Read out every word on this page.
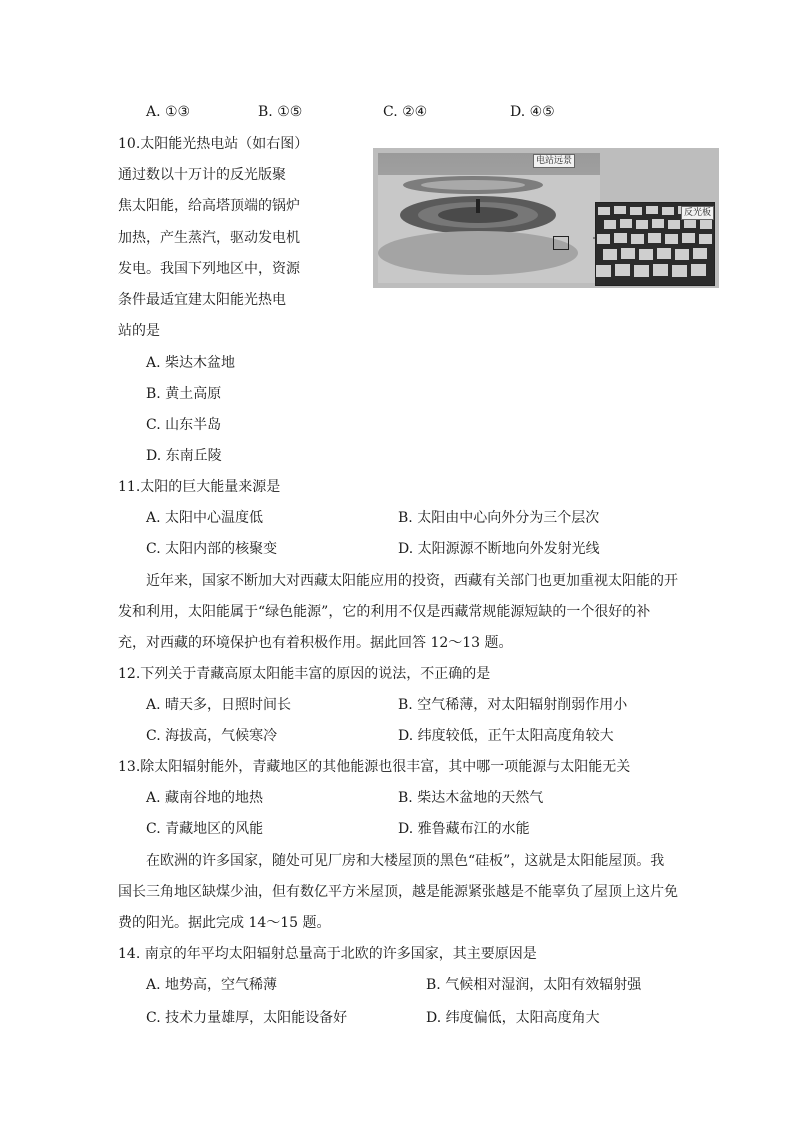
A. ①③	B. ①⑤	C. ②④	D. ④⑤
10.太阳能光热电站（如右图）
通过数以十万计的反光版聚
焦太阳能，给高塔顶端的锅炉
加热，产生蒸汽，驱动发电机
发电。我国下列地区中，资源
条件最适宜建太阳能光热电
站的是
电站远景
反光板
A. 柴达木盆地
B. 黄土高原
C. 山东半岛
D. 东南丘陵
11.太阳的巨大能量来源是
A. 太阳中心温度低	B. 太阳由中心向外分为三个层次
C. 太阳内部的核聚变	D. 太阳源源不断地向外发射光线
近年来，国家不断加大对西藏太阳能应用的投资，西藏有关部门也更加重视太阳能的开发和利用，太阳能属于“绿色能源”，它的利用不仅是西藏常规能源短缺的一个很好的补充，对西藏的环境保护也有着积极作用。据此回答 12～13 题。
12.下列关于青藏高原太阳能丰富的原因的说法，不正确的是
A. 晴天多，日照时间长	B. 空气稀薄，对太阳辐射削弱作用小
C. 海拔高，气候寒冷	D. 纬度较低，正午太阳高度角较大
13.除太阳辐射能外，青藏地区的其他能源也很丰富，其中哪一项能源与太阳能无关
A. 藏南谷地的地热	B. 柴达木盆地的天然气
C. 青藏地区的风能	D. 雅鲁藏布江的水能
在欧洲的许多国家，随处可见厂房和大楼屋顶的黑色“硅板”，这就是太阳能屋顶。我国长三角地区缺煤少油，但有数亿平方米屋顶，越是能源紧张越是不能辜负了屋顶上这片免费的阳光。据此完成 14～15 题。
14. 南京的年平均太阳辐射总量高于北欧的许多国家，其主要原因是
A. 地势高，空气稀薄	B. 气候相对湿润，太阳有效辐射强
C. 技术力量雄厚，太阳能设备好	D. 纬度偏低，太阳高度角大
